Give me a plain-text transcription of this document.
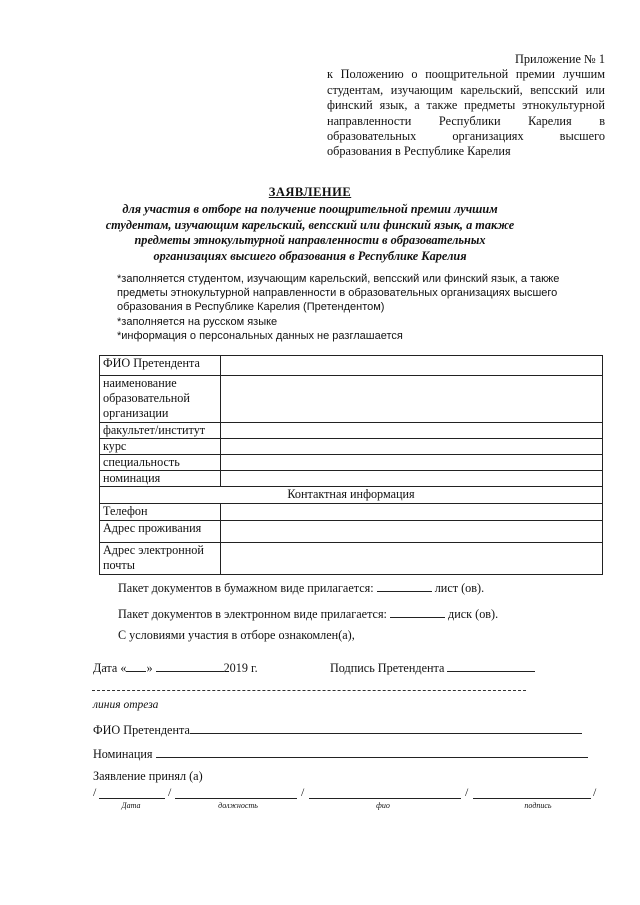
Приложение № 1
к Положению о поощрительной премии лучшим студентам, изучающим карельский, вепсский или финский язык, а также предметы этнокультурной направленности Республики Карелия в образовательных организациях высшего образования в Республике Карелия
ЗАЯВЛЕНИЕ
для участия в отборе на получение поощрительной премии лучшим студентам, изучающим карельский, вепсский или финский язык, а также предметы этнокультурной направленности в образовательных организациях высшего образования в Республике Карелия
*заполняется студентом, изучающим карельский, вепсский или финский язык, а также предметы этнокультурной направленности в образовательных организациях высшего образования в Республике Карелия (Претендентом)
*заполняется на русском языке
*информация о персональных данных не разглашается
ФИО Претендента	
наименование образовательной организации	
факультет/институт	
курс	
специальность	
номинация	
Контактная информация	
Телефон	
Адрес проживания	
Адрес электронной почты	
Пакет документов в бумажном виде прилагается:	лист (ов).
Пакет документов в электронном виде прилагается:	диск (ов).
С условиями участия в отборе ознакомлен(а),
Дата « »	2019 г.	Подпись Претендента
линия отреза
ФИО Претендента
Номинация
Заявление принял (а)
/	/	/	/	/
Дата	должность	фио	подпись
